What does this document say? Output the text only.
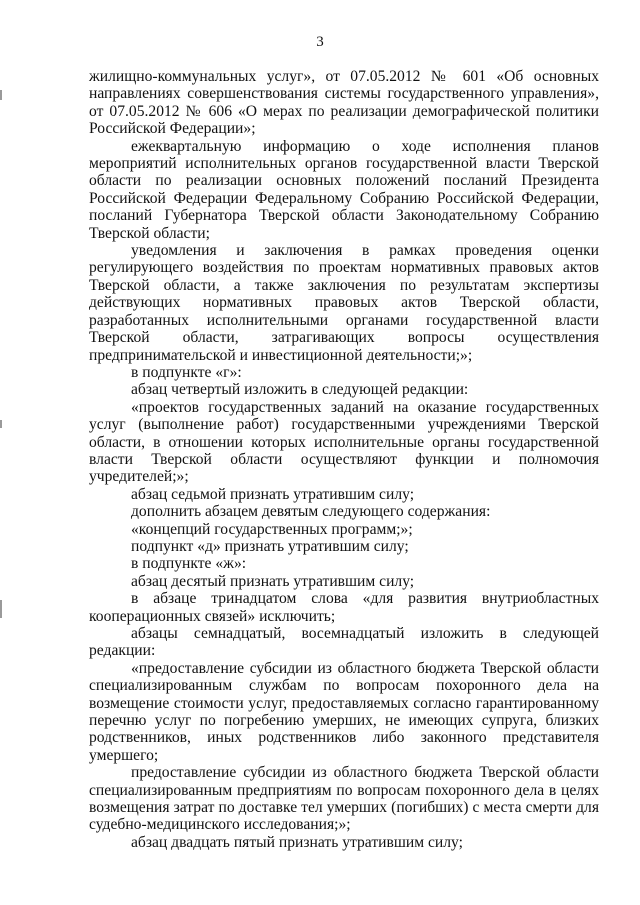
3

жилищно-коммунальных услуг», от 07.05.2012 № 601 «Об основных направлениях совершенствования системы государственного управления», от 07.05.2012 № 606 «О мерах по реализации демографической политики Российской Федерации»;

ежеквартальную информацию о ходе исполнения планов мероприятий исполнительных органов государственной власти Тверской области по реализации основных положений посланий Президента Российской Федерации Федеральному Собранию Российской Федерации, посланий Губернатора Тверской области Законодательному Собранию Тверской области;

уведомления и заключения в рамках проведения оценки регулирующего воздействия по проектам нормативных правовых актов Тверской области, а также заключения по результатам экспертизы действующих нормативных правовых актов Тверской области, разработанных исполнительными органами государственной власти Тверской области, затрагивающих вопросы осуществления предпринимательской и инвестиционной деятельности;»;

в подпункте «г»:

абзац четвертый изложить в следующей редакции:

«проектов государственных заданий на оказание государственных услуг (выполнение работ) государственными учреждениями Тверской области, в отношении которых исполнительные органы государственной власти Тверской области осуществляют функции и полномочия учредителей;»;

абзац седьмой признать утратившим силу;

дополнить абзацем девятым следующего содержания:

«концепций государственных программ;»;

подпункт «д» признать утратившим силу;

в подпункте «ж»:

абзац десятый признать утратившим силу;

в абзаце тринадцатом слова «для развития внутриобластных кооперационных связей» исключить;

абзацы семнадцатый, восемнадцатый изложить в следующей редакции:

«предоставление субсидии из областного бюджета Тверской области специализированным службам по вопросам похоронного дела на возмещение стоимости услуг, предоставляемых согласно гарантированному перечню услуг по погребению умерших, не имеющих супруга, близких родственников, иных родственников либо законного представителя умершего;

предоставление субсидии из областного бюджета Тверской области специализированным предприятиям по вопросам похоронного дела в целях возмещения затрат по доставке тел умерших (погибших) с места смерти для судебно-медицинского исследования;»;

абзац двадцать пятый признать утратившим силу;
